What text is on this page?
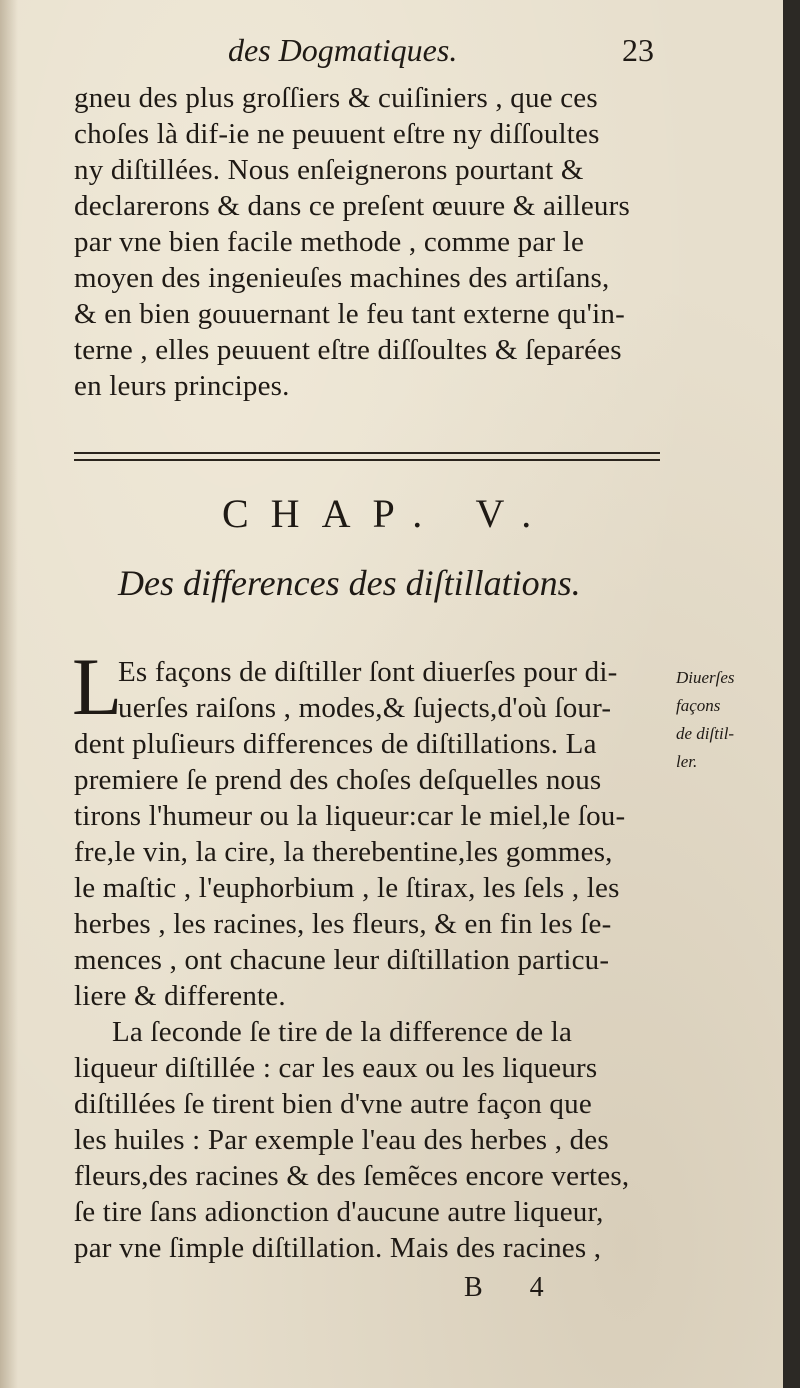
des Dogmatiques.	23
gneu des plus groſſiers & cuiſiniers , que ces
choſes là dif-ie ne peuuent eſtre ny diſſoultes
ny diſtillées. Nous enſeignerons pourtant &
declarerons & dans ce preſent œuure & ailleurs
par vne bien facile methode , comme par le
moyen des ingenieuſes machines des artiſans,
& en bien gouuernant le feu tant externe qu'in-
terne , elles peuuent eſtre diſſoultes & ſeparées
en leurs principes.
CHAP. V.
Des differences des diſtillations.
L
Es façons de diſtiller ſont diuerſes pour di-
uerſes raiſons , modes,& ſujects,d'où ſour-
dent pluſieurs differences de diſtillations. La
premiere ſe prend des choſes deſquelles nous
tirons l'humeur ou la liqueur:car le miel,le ſou-
fre,le vin, la cire, la therebentine,les gommes,
le maſtic , l'euphorbium , le ſtirax, les ſels , les
herbes , les racines, les fleurs, & en fin les ſe-
mences , ont chacune leur diſtillation particu-
liere & differente.
La ſeconde ſe tire de la difference de la
liqueur diſtillée : car les eaux ou les liqueurs
diſtillées ſe tirent bien d'vne autre façon que
les huiles : Par exemple l'eau des herbes , des
fleurs,des racines & des ſemẽces encore vertes,
ſe tire ſans adionction d'aucune autre liqueur,
par vne ſimple diſtillation. Mais des racines ,
Diuerſes
façons
de diſtil-
ler.
B 4
